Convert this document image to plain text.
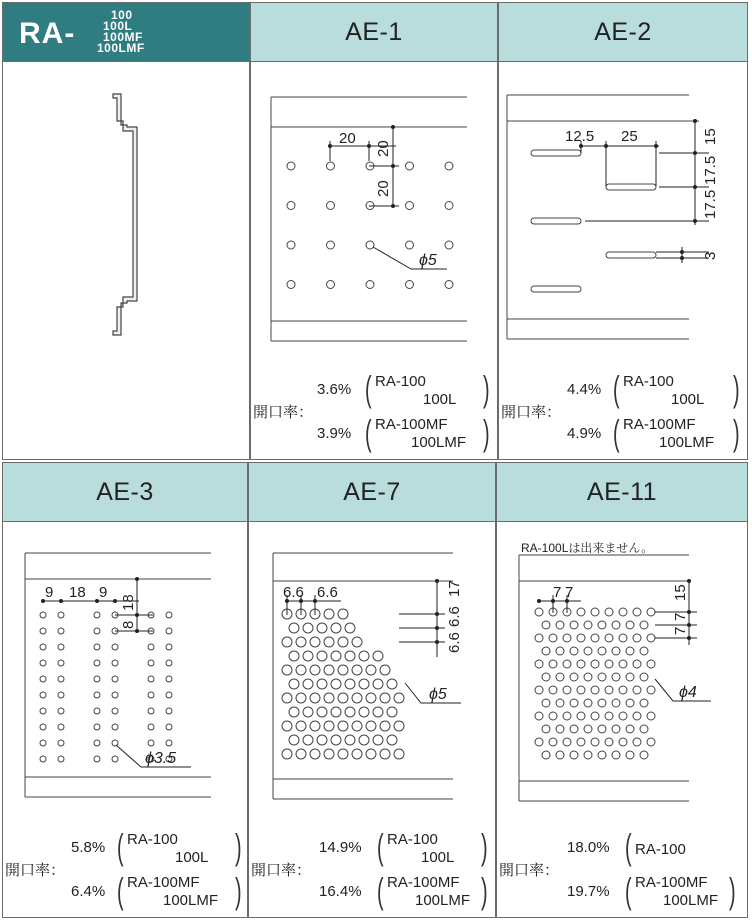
RA-
100
100L
100MF
100LMF
AE-1
20
20
20
ϕ5
開口率：
3.6% ( RA-100
100L )
3.9% ( RA-100MF
100LMF )
AE-2
12.5 25	15
17.5
17.5
3
開口率：
4.4% ( RA-100
100L )
4.9% ( RA-100MF
100LMF )
AE-3
9 18 9
18
8
ϕ3.5
開口率：
5.8% ( RA-100
100L )
6.4% ( RA-100MF
100LMF )
AE-7
6.6 6.6	17
6.6
6.6
ϕ5
開口率：
14.9% ( RA-100
100L )
16.4% ( RA-100MF
100LMF )
AE-11
RA-100Lは出来ません。
7 7	15
7
7
ϕ4
開口率：
18.0% ( RA-100
19.7% ( RA-100MF
100LMF )
